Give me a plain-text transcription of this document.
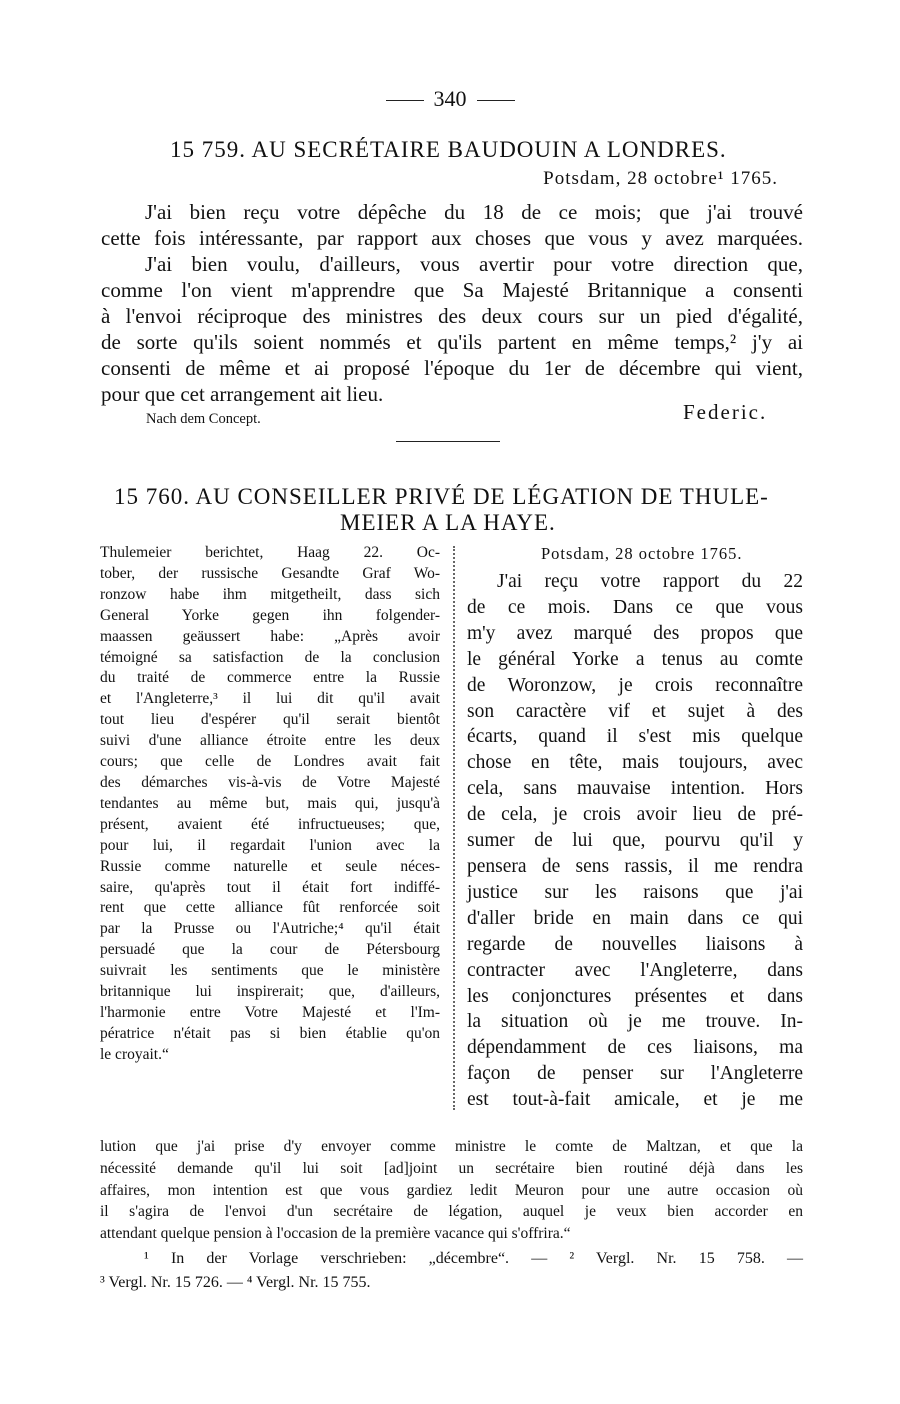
340
15 759. AU SECRÉTAIRE BAUDOUIN A LONDRES.
Potsdam, 28 octobre¹ 1765.
J'ai bien reçu votre dépêche du 18 de ce mois; que j'ai trouvé
cette fois intéressante, par rapport aux choses que vous y avez marquées.
J'ai bien voulu, d'ailleurs, vous avertir pour votre direction que,
comme l'on vient m'apprendre que Sa Majesté Britannique a consenti
à l'envoi réciproque des ministres des deux cours sur un pied d'égalité,
de sorte qu'ils soient nommés et qu'ils partent en même temps,² j'y ai
consenti de même et ai proposé l'époque du 1er de décembre qui vient,
pour que cet arrangement ait lieu.
Nach dem Concept.	Federic.
15 760. AU CONSEILLER PRIVÉ DE LÉGATION DE THULE-
MEIER A LA HAYE.
Thulemeier berichtet, Haag 22. Oc-
tober, der russische Gesandte Graf Wo-
ronzow habe ihm mitgetheilt, dass sich
General Yorke gegen ihn folgender-
maassen geäussert habe: „Après avoir
témoigné sa satisfaction de la conclusion
du traité de commerce entre la Russie
et l'Angleterre,³ il lui dit qu'il avait
tout lieu d'espérer qu'il serait bientôt
suivi d'une alliance étroite entre les deux
cours; que celle de Londres avait fait
des démarches vis-à-vis de Votre Majesté
tendantes au même but, mais qui, jusqu'à
présent, avaient été infructueuses; que,
pour lui, il regardait l'union avec la
Russie comme naturelle et seule néces-
saire, qu'après tout il était fort indiffé-
rent que cette alliance fût renforcée soit
par la Prusse ou l'Autriche;⁴ qu'il était
persuadé que la cour de Pétersbourg
suivrait les sentiments que le ministère
britannique lui inspirerait; que, d'ailleurs,
l'harmonie entre Votre Majesté et l'Im-
pératrice n'était pas si bien établie qu'on
le croyait.“
Potsdam, 28 octobre 1765.
J'ai reçu votre rapport du 22
de ce mois. Dans ce que vous
m'y avez marqué des propos que
le général Yorke a tenus au comte
de Woronzow, je crois reconnaître
son caractère vif et sujet à des
écarts, quand il s'est mis quelque
chose en tête, mais toujours, avec
cela, sans mauvaise intention. Hors
de cela, je crois avoir lieu de pré-
sumer de lui que, pourvu qu'il y
pensera de sens rassis, il me rendra
justice sur les raisons que j'ai
d'aller bride en main dans ce qui
regarde de nouvelles liaisons à
contracter avec l'Angleterre, dans
les conjonctures présentes et dans
la situation où je me trouve. In-
dépendamment de ces liaisons, ma
façon de penser sur l'Angleterre
est tout-à-fait amicale, et je me
lution que j'ai prise d'y envoyer comme ministre le comte de Maltzan, et que la
nécessité demande qu'il lui soit [ad]joint un secrétaire bien routiné déjà dans les
affaires, mon intention est que vous gardiez ledit Meuron pour une autre occasion où
il s'agira de l'envoi d'un secrétaire de légation, auquel je veux bien accorder en
attendant quelque pension à l'occasion de la première vacance qui s'offrira.“
¹ In der Vorlage verschrieben: „décembre“. — ² Vergl. Nr. 15 758. —
³ Vergl. Nr. 15 726. — ⁴ Vergl. Nr. 15 755.
